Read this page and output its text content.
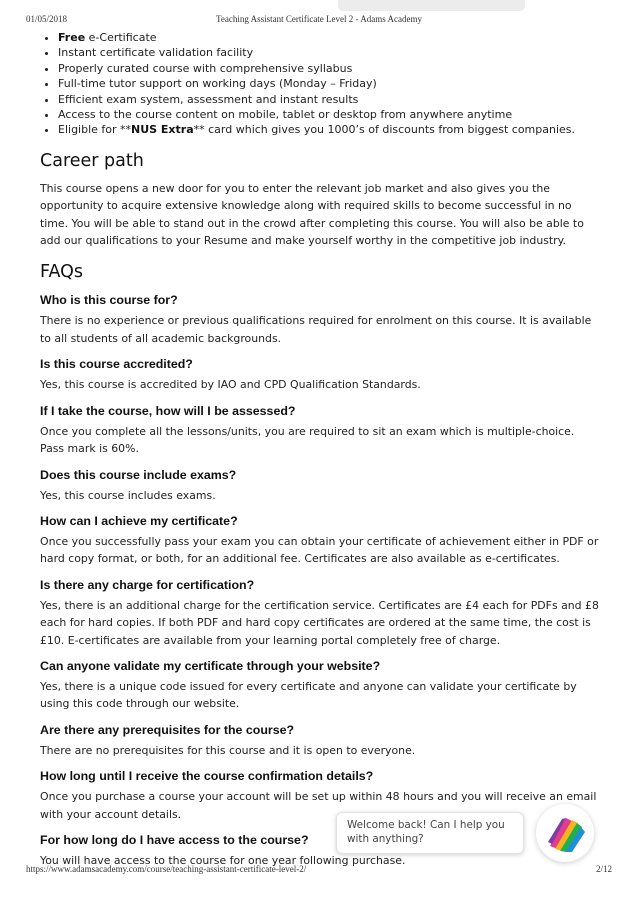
01/05/2018	Teaching Assistant Certificate Level 2 - Adams Academy
• Free e-Certificate
• Instant certificate validation facility
• Properly curated course with comprehensive syllabus
• Full-time tutor support on working days (Monday – Friday)
• Efficient exam system, assessment and instant results
• Access to the course content on mobile, tablet or desktop from anywhere anytime
• Eligible for **NUS Extra** card which gives you 1000’s of discounts from biggest companies.
Career path

This course opens a new door for you to enter the relevant job market and also gives you the opportunity to acquire extensive knowledge along with required skills to become successful in no time. You will be able to stand out in the crowd after completing this course. You will also be able to add our qualifications to your Resume and make yourself worthy in the competitive job industry.

FAQs
Who is this course for?

There is no experience or previous qualifications required for enrolment on this course. It is available to all students of all academic backgrounds.

Is this course accredited?

Yes, this course is accredited by IAO and CPD Qualification Standards.

If I take the course, how will I be assessed?

Once you complete all the lessons/units, you are required to sit an exam which is multiple-choice. Pass mark is 60%.

Does this course include exams?

Yes, this course includes exams.

How can I achieve my certificate?

Once you successfully pass your exam you can obtain your certificate of achievement either in PDF or hard copy format, or both, for an additional fee. Certificates are also available as e-certificates.

Is there any charge for certification?

Yes, there is an additional charge for the certification service. Certificates are £4 each for PDFs and £8 each for hard copies. If both PDF and hard copy certificates are ordered at the same time, the cost is £10. E-certificates are available from your learning portal completely free of charge.

Can anyone validate my certificate through your website?

Yes, there is a unique code issued for every certificate and anyone can validate your certificate by using this code through our website.

Are there any prerequisites for the course?

There are no prerequisites for this course and it is open to everyone.

How long until I receive the course confirmation details?

Once you purchase a course your account will be set up within 48 hours and you will receive an email with your account details.

For how long do I have access to the course?

You will have access to the course for one year following purchase.

Welcome back! Can I help you with anything?
https://www.adamsacademy.com/course/teaching-assistant-certificate-level-2/	2/12
